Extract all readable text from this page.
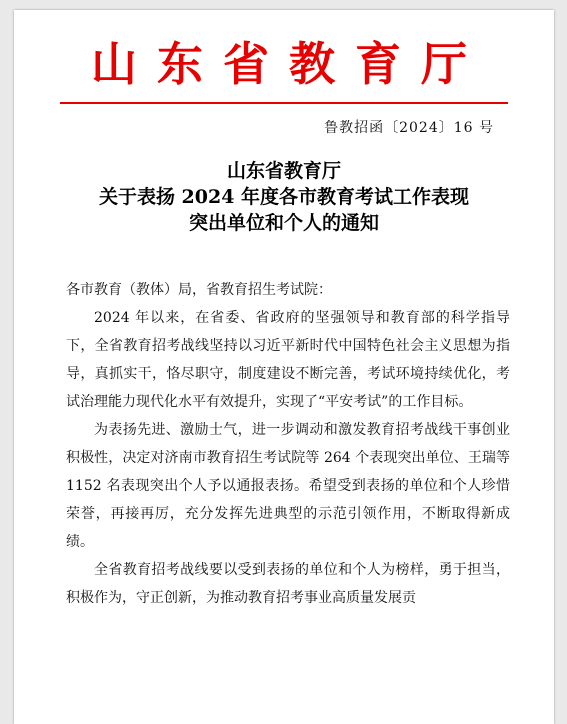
山东省教育厅
鲁教招函〔2024〕16 号
山东省教育厅
关于表扬 2024 年度各市教育考试工作表现
突出单位和个人的通知

各市教育（教体）局，省教育招生考试院：

2024 年以来，在省委、省政府的坚强领导和教育部的科学指导下，全省教育招考战线坚持以习近平新时代中国特色社会主义思想为指导，真抓实干，恪尽职守，制度建设不断完善，考试环境持续优化，考试治理能力现代化水平有效提升，实现了“平安考试”的工作目标。

为表扬先进、激励士气，进一步调动和激发教育招考战线干事创业积极性，决定对济南市教育招生考试院等 264 个表现突出单位、王瑞等 1152 名表现突出个人予以通报表扬。希望受到表扬的单位和个人珍惜荣誉，再接再厉，充分发挥先进典型的示范引领作用，不断取得新成绩。

全省教育招考战线要以受到表扬的单位和个人为榜样，勇于担当，积极作为，守正创新，为推动教育招考事业高质量发展贡
